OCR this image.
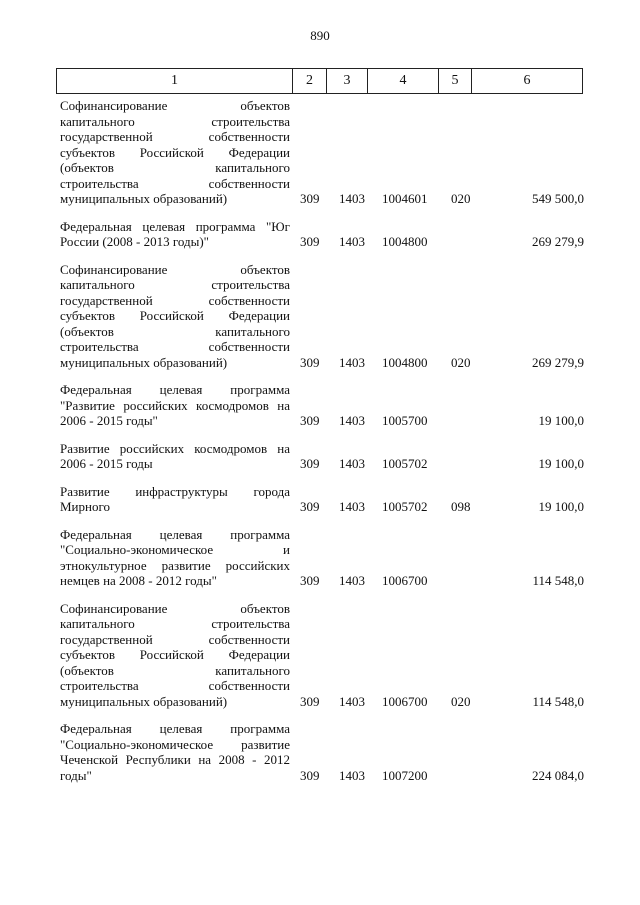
890
1	2	3	4	5	6
Софинансирование объектов
капитального строительства
государственной собственности
субъектов Российской Федерации
(объектов капитального
строительства собственности
муниципальных образований)	309 1403 1004601 020	549 500,0
Федеральная целевая программа "Юг
России (2008 - 2013 годы)"	309 1403 1004800	269 279,9
Софинансирование объектов
капитального строительства
государственной собственности
субъектов Российской Федерации
(объектов капитального
строительства собственности
муниципальных образований)	309 1403 1004800 020	269 279,9
Федеральная целевая программа
"Развитие российских космодромов на
2006 - 2015 годы"	309 1403 1005700	19 100,0
Развитие российских космодромов на
2006 - 2015 годы	309 1403 1005702	19 100,0
Развитие инфраструктуры города
Мирного	309 1403 1005702 098	19 100,0
Федеральная целевая программа
"Социально-экономическое и
этнокультурное развитие российских
немцев на 2008 - 2012 годы"	309 1403 1006700	114 548,0
Софинансирование объектов
капитального строительства
государственной собственности
субъектов Российской Федерации
(объектов капитального
строительства собственности
муниципальных образований)	309 1403 1006700 020	114 548,0
Федеральная целевая программа
"Социально-экономическое развитие
Чеченской Республики на 2008 - 2012
годы"	309 1403 1007200	224 084,0
